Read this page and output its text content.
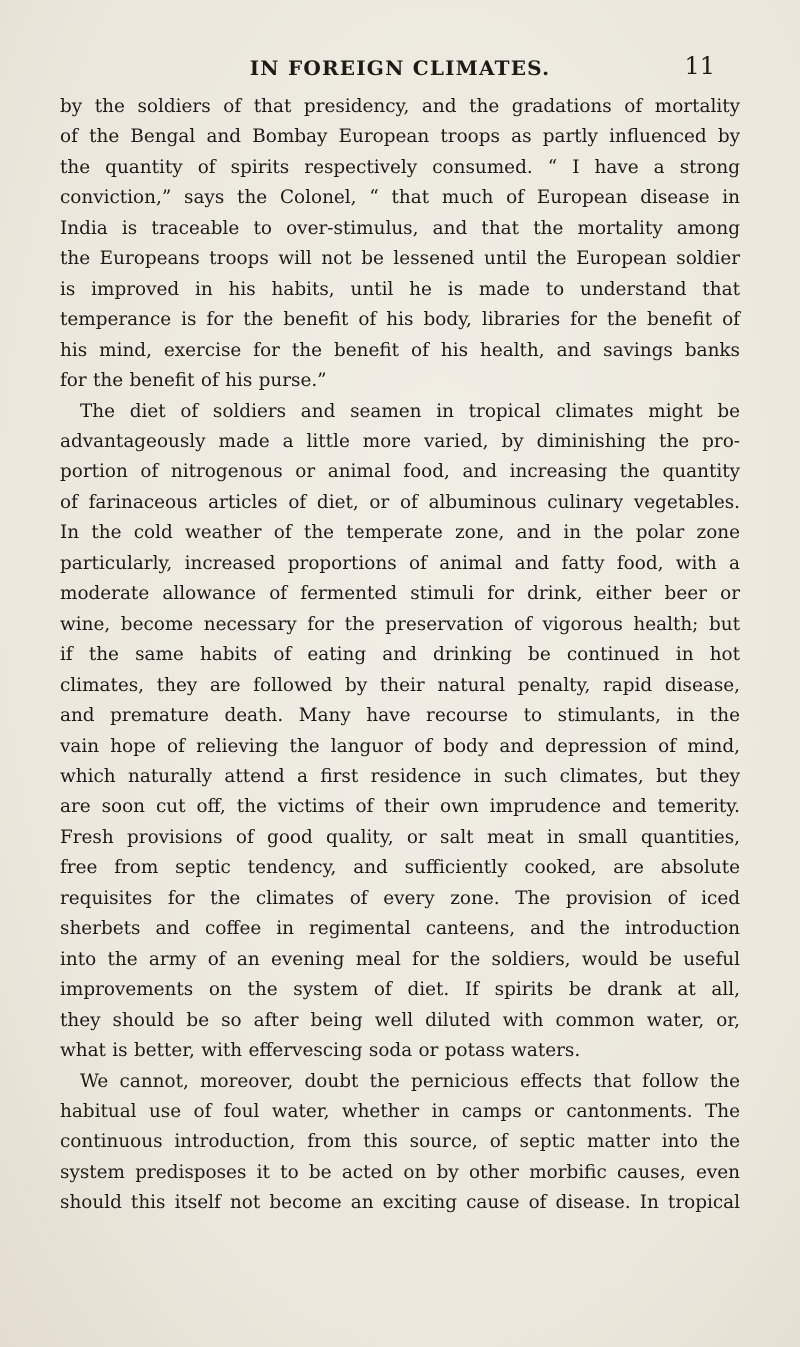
IN FOREIGN CLIMATES.	11

by the soldiers of that presidency, and the gradations of mortality

of the Bengal and Bombay European troops as partly influenced by

the quantity of spirits respectively consumed. “ I have a strong

conviction,” says the Colonel, “ that much of European disease in

India is traceable to over-stimulus, and that the mortality among

the Europeans troops will not be lessened until the European soldier

is improved in his habits, until he is made to understand that

temperance is for the benefit of his body, libraries for the benefit of

his mind, exercise for the benefit of his health, and savings banks

for the benefit of his purse.”

The diet of soldiers and seamen in tropical climates might be

advantageously made a little more varied, by diminishing the pro-

portion of nitrogenous or animal food, and increasing the quantity

of farinaceous articles of diet, or of albuminous culinary vegetables.

In the cold weather of the temperate zone, and in the polar zone

particularly, increased proportions of animal and fatty food, with a

moderate allowance of fermented stimuli for drink, either beer or

wine, become necessary for the preservation of vigorous health; but

if the same habits of eating and drinking be continued in hot

climates, they are followed by their natural penalty, rapid disease,

and premature death. Many have recourse to stimulants, in the

vain hope of relieving the languor of body and depression of mind,

which naturally attend a first residence in such climates, but they

are soon cut off, the victims of their own imprudence and temerity.

Fresh provisions of good quality, or salt meat in small quantities,

free from septic tendency, and sufficiently cooked, are absolute

requisites for the climates of every zone. The provision of iced

sherbets and coffee in regimental canteens, and the introduction

into the army of an evening meal for the soldiers, would be useful

improvements on the system of diet. If spirits be drank at all,

they should be so after being well diluted with common water, or,

what is better, with effervescing soda or potass waters.

We cannot, moreover, doubt the pernicious effects that follow the

habitual use of foul water, whether in camps or cantonments. The

continuous introduction, from this source, of septic matter into the

system predisposes it to be acted on by other morbific causes, even

should this itself not become an exciting cause of disease. In tropical
